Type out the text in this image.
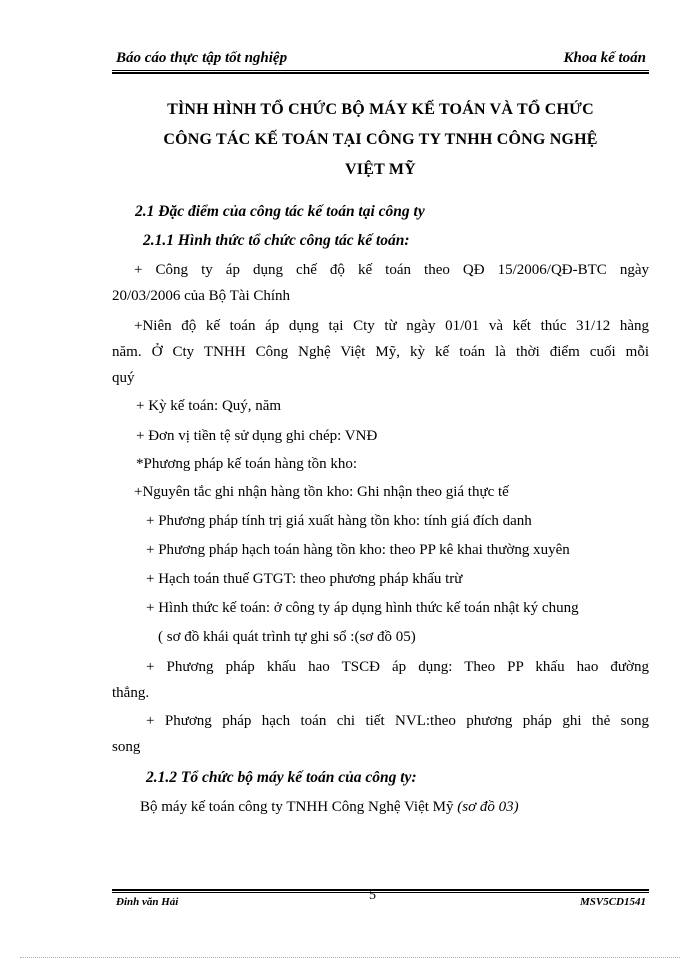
Báo cáo thực tập tốt nghiệp	Khoa kế toán
TÌNH HÌNH TỔ CHỨC BỘ MÁY KẾ TOÁN VÀ TỔ CHỨC
CÔNG TÁC KẾ TOÁN TẠI CÔNG TY TNHH CÔNG NGHỆ
VIỆT MỸ
2.1 Đặc điểm của công tác kế toán tại công ty
2.1.1 Hình thức tổ chức công tác kế toán:
+ Công ty áp dụng chế độ kế toán theo QĐ 15/2006/QĐ-BTC ngày
20/03/2006 của Bộ Tài Chính
+Niên độ kế toán áp dụng tại Cty từ ngày 01/01 và kết thúc 31/12 hàng
năm. Ở Cty TNHH Công Nghệ Việt Mỹ, kỳ kế toán là thời điểm cuối mỗi
quý
+ Kỳ kế toán: Quý, năm
+ Đơn vị tiền tệ sử dụng ghi chép: VNĐ
*Phương pháp kế toán hàng tồn kho:
+Nguyên tắc ghi nhận hàng tồn kho: Ghi nhận theo giá thực tế
+ Phương pháp tính trị giá xuất hàng tồn kho: tính giá đích danh
+ Phương pháp hạch toán hàng tồn kho: theo PP kê khai thường xuyên
+ Hạch toán thuế GTGT: theo phương pháp khấu trừ
+ Hình thức kế toán: ở công ty áp dụng hình thức kế toán nhật ký chung
( sơ đồ khái quát trình tự ghi sổ :(sơ đồ 05)
+ Phương pháp khấu hao TSCĐ áp dụng: Theo PP khấu hao đường
thẳng.
+ Phương pháp hạch toán chi tiết NVL:theo phương pháp ghi thẻ song
song
2.1.2 Tổ chức bộ máy kế toán của công ty:
Bộ máy kế toán công ty TNHH Công Nghệ Việt Mỹ (sơ đồ 03)
Đinh văn Hải	5	MSV5CD1541
